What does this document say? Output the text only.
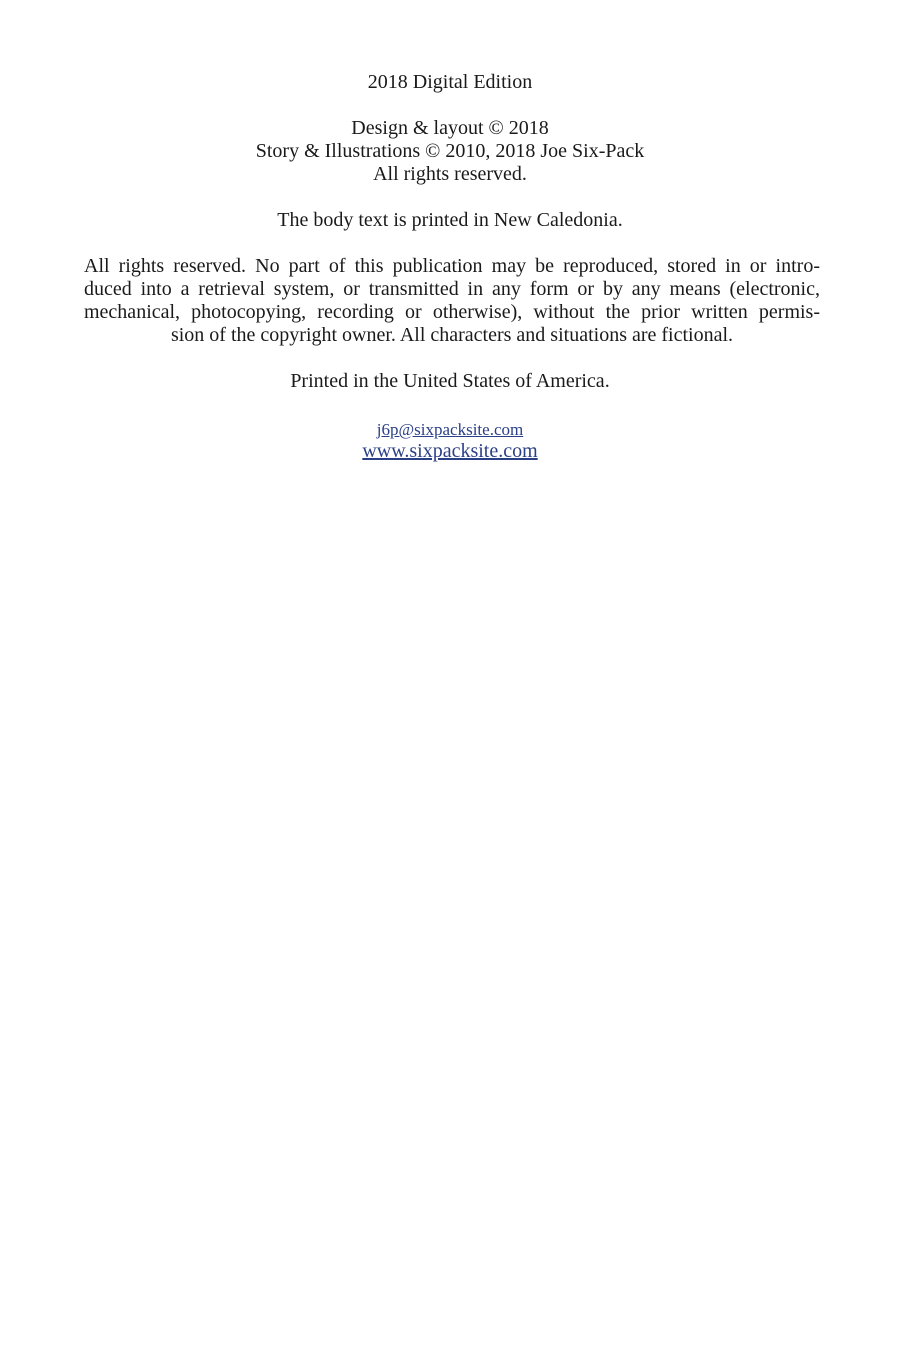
2018 Digital Edition
Design & layout © 2018
Story & Illustrations © 2010, 2018 Joe Six-Pack
All rights reserved.
The body text is printed in New Caledonia.
All rights reserved. No part of this publication may be reproduced, stored in or intro-
duced into a retrieval system, or transmitted in any form or by any means (electronic,
mechanical, photocopying, recording or otherwise), without the prior written permis-
sion of the copyright owner. All characters and situations are fictional.
Printed in the United States of America.
j6p@sixpacksite.com
www.sixpacksite.com
